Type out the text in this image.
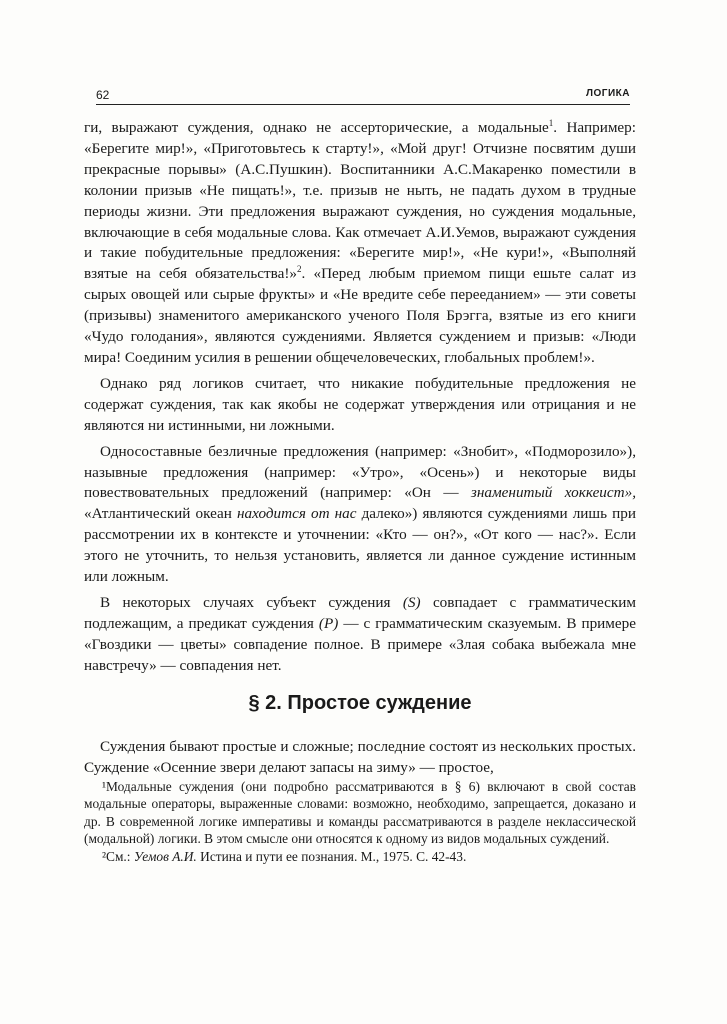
62	ЛОГИКА

ги, выражают суждения, однако не ассерторические, а модальные$^1$. Например: «Берегите мир!», «Приготовьтесь к старту!», «Мой друг! Отчизне посвятим души прекрасные порывы» (А.С.Пушкин). Воспитанники А.С.Макаренко поместили в колонии призыв «Не пищать!», т.е. призыв не ныть, не падать духом в трудные периоды жизни. Эти предложения выражают суждения, но суждения модальные, включающие в себя модальные слова. Как отмечает А.И.Уемов, выражают суждения и такие побудительные предложения: «Берегите мир!», «Не кури!», «Выполняй взятые на себя обязательства!»$^2$. «Перед любым приемом пищи ешьте салат из сырых овощей или сырые фрукты» и «Не вредите себе перееданием» — эти советы (призывы) знаменитого американского ученого Поля Брэгга, взятые из его книги «Чудо голодания», являются суждениями. Является суждением и призыв: «Люди мира! Соединим усилия в решении общечеловеческих, глобальных проблем!».

Однако ряд логиков считает, что никакие побудительные предложения не содержат суждения, так как якобы не содержат утверждения или отрицания и не являются ни истинными, ни ложными.

Односоставные безличные предложения (например: «Знобит», «Подморозило»), назывные предложения (например: «Утро», «Осень») и некоторые виды повествовательных предложений (например: «Он — знаменитый хоккеист», «Атлантический океан находится от нас далеко») являются суждениями лишь при рассмотрении их в контексте и уточнении: «Кто — он?», «От кого — нас?». Если этого не уточнить, то нельзя установить, является ли данное суждение истинным или ложным.

В некоторых случаях субъект суждения (S) совпадает с грамматическим подлежащим, а предикат суждения (Р) — с грамматическим сказуемым. В примере «Гвоздики — цветы» совпадение полное. В примере «Злая собака выбежала мне навстречу» — совпадения нет.

§ 2. Простое суждение

Суждения бывают простые и сложные; последние состоят из нескольких простых. Суждение «Осенние звери делают запасы на зиму» — простое,

¹Модальные суждения (они подробно рассматриваются в § 6) включают в свой состав модальные операторы, выраженные словами: возможно, необходимо, запрещается, доказано и др. В современной логике императивы и команды рассматриваются в разделе неклассической (модальной) логики. В этом смысле они относятся к одному из видов модальных суждений.

²См.: Уемов А.И. Истина и пути ее познания. М., 1975. С. 42-43.
